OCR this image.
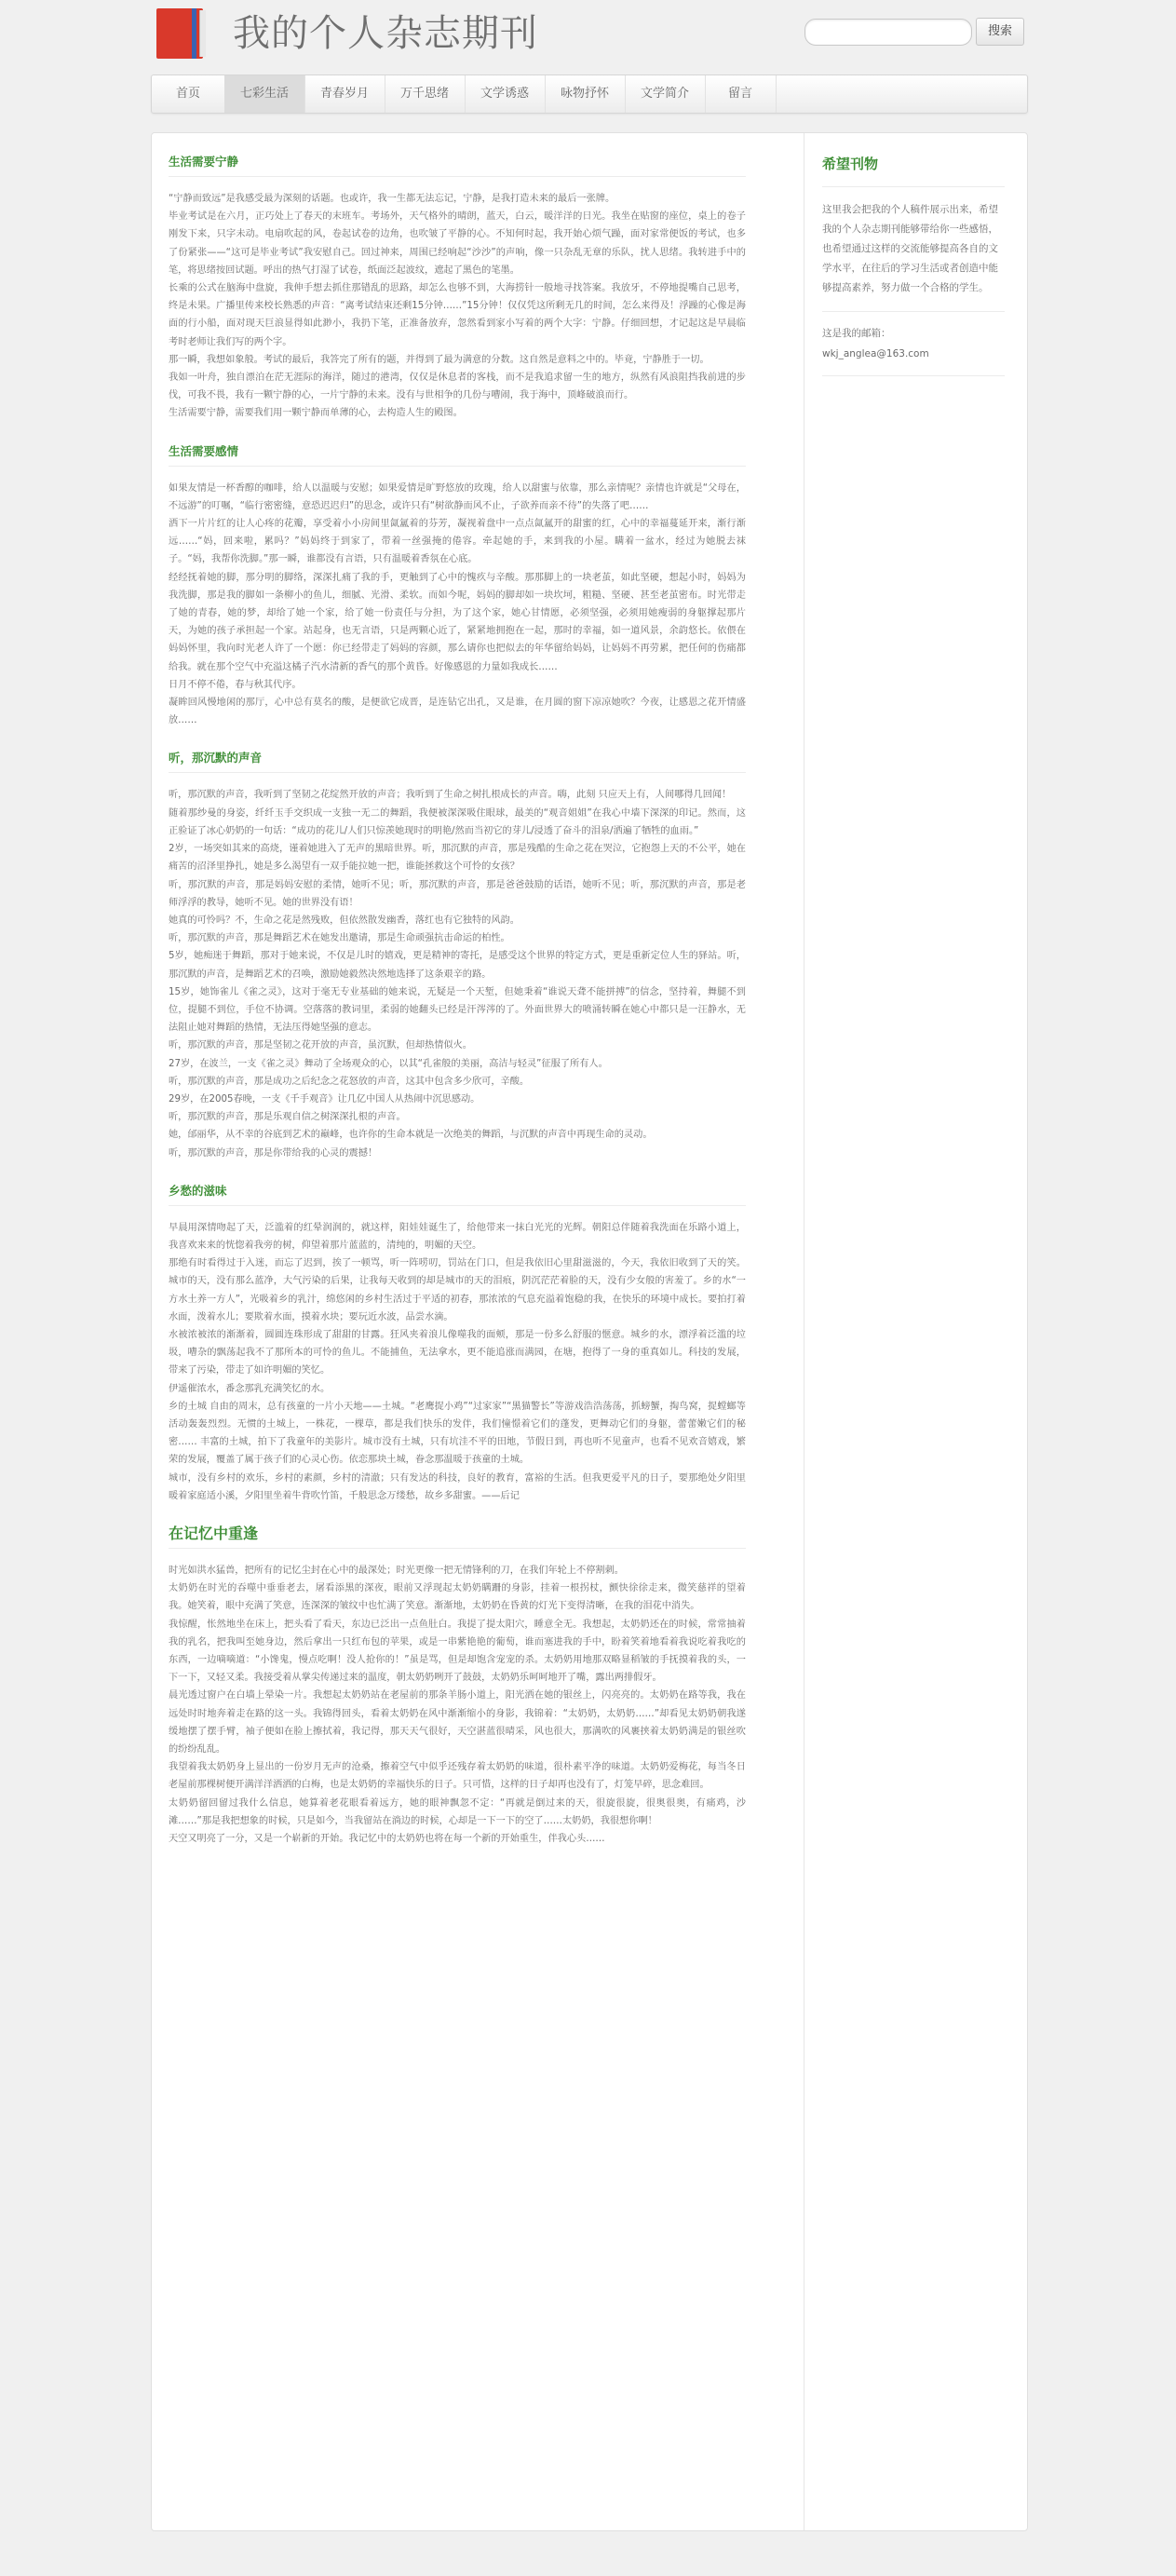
我的个人杂志期刊	搜索
首页	七彩生活	青春岁月	万千思绪	文学诱惑	咏物抒怀	文学简介	留言
生活需要宁静

“宁静而致远”是我感受最为深刻的话题。也或许，我一生都无法忘记，宁静，是我打造未来的最后一张牌。

毕业考试是在六月，正巧处上了春天的末班车。考场外，天气格外的晴朗，蓝天，白云，暖洋洋的日光。我坐在贴窗的座位，桌上的卷子刚发下来，只字未动。电扇吹起的风，卷起试卷的边角，也吹皱了平静的心。不知何时起，我开始心烦气躁，面对家常便饭的考试，也多了份紧张——“这可是毕业考试”我安慰自己。回过神来，周围已经响起“沙沙”的声响，像一只杂乱无章的乐队，扰人思绪。我转进手中的笔，将思绪按回试题。呼出的热气打湿了试卷，纸面泛起波纹，遮起了黑色的笔墨。

长乘的公式在脑海中盘旋，我伸手想去抓住那错乱的思路，却怎么也够不到，大海捞针一般地寻找答案。我放牙，不停地提嘴自己思考，终是未果。广播里传来校长熟悉的声音：“离考试结束还剩15分钟……”15分钟！仅仅凭这所剩无几的时间，怎么来得及！浮躁的心像是海面的行小船，面对现天巨浪显得如此渺小，我扔下笔，正准备放弃，忽然看到家小写着的两个大字：宁静。仔细回想，才记起这是早晨临考时老师让我们写的两个字。

那一瞬，我想如象般。考试的最后，我答完了所有的题，并得到了最为满意的分数。这自然是意料之中的。毕竟，宁静胜于一切。

我如一叶舟，独自漂泊在茫无涯际的海洋，随过的港湾，仅仅是休息者的客栈，而不是我追求留一生的地方，纵然有风浪阻挡我前进的步伐，可我不畏，我有一颗宁静的心，一片宁静的未来。没有与世相争的几份与嘈闹，我于海中，顶峰破浪而行。

生活需要宁静，需要我们用一颗宁静而单薄的心，去构造人生的殿图。

生活需要感情

如果友情是一杯香醇的咖啡，给人以温暖与安慰；如果爱情是旷野悠放的玫瑰，给人以甜蜜与依靠，那么亲情呢？亲情也许就是“父母在，不远游”的叮嘱，“临行密密缝，意恐迟迟归”的思念，或许只有“树欲静而风不止，子欲养而亲不待”的失落了吧……

洒下一片片红的让人心疼的花瓣，享受着小小房间里氤氲着的芬芳，凝视着盘中一点点氤氲开的甜蜜的红，心中的幸福蔓延开来，渐行渐远……“妈，回来啦，累吗？”妈妈终于到家了，带着一丝强掩的倦容。牵起她的手，来到我的小屋。瞒着一盆水，经过为她脱去袜子。“妈，我帮你洗脚。”那一瞬，谁都没有言语，只有温暖着香氛在心底。

经经抚着她的脚，那分明的脚络，深深扎痛了我的手，更触到了心中的愧疚与辛酸。那那脚上的一块老茧，如此坚硬，想起小时，妈妈为我洗脚，那是我的脚如一条柳小的鱼儿，细腻、光滑、柔软。而如今呢，妈妈的脚却如一块坎坷，粗糙、坚硬、甚至老茧密布。时光带走了她的青春，她的梦，却给了她一个家，给了她一份责任与分担，为了这个家，她心甘情愿，必须坚强，必须用她瘦弱的身躯撑起那片天，为她的孩子承担起一个家。站起身，也无言语，只是两颗心近了，紧紧地拥抱在一起，那时的幸福，如一道风景，余韵悠长。依偎在妈妈怀里，我向时光老人许了一个愿：你已经带走了妈妈的容颜，那么请你也把似去的年华留给妈妈，让妈妈不再劳累，把任何的伤痛都给我。就在那个空气中充溢这橘子汽水清新的香气的那个黄昏。好像感恩的力量如我成长……

日月不停不倦，春与秋其代序。

凝眸回风慢地闲的那厅，心中总有莫名的酸，是便欲它成晋，是连钻它出孔，又是谁，在月圆的窗下凉凉她吹？今夜，让感恩之花开情盛放……

听，那沉默的声音

听，那沉默的声音，我听到了坚韧之花绽然开放的声音；我听到了生命之树扎根成长的声音。嗨，此刻 只应天上有，人间哪得几回闻！

随着那纱曼的身姿，纤纤玉手交织成一支独一无二的舞蹈，我便被深深吸住眼球，最美的“观音姐姐”在我心中墙下深深的印记。然而，这正验证了冰心奶奶的一句话：“成功的花儿/人们只惊羡她现时的明艳/然而当初它的芽儿/浸透了奋斗的泪泉/洒遍了牺牲的血雨。”

2岁，一场突如其来的高烧，谨着她进入了无声的黑暗世界。听，那沉默的声音，那是残酷的生命之花在哭泣，它抱怨上天的不公平，她在痛苦的沼泽里挣扎，她是多么渴望有一双手能拉她一把，谁能拯救这个可怜的女孩？

听，那沉默的声音，那是妈妈安慰的柔情，她听不见；听，那沉默的声音，那是爸爸鼓励的话语，她听不见；听，那沉默的声音，那是老师浮浮的教导，她听不见。她的世界没有语！

她真的可怜吗？不，生命之花是然残败，但依然散发幽香，落红也有它独特的风韵。

听，那沉默的声音，那是舞蹈艺术在她发出邀请，那是生命顽强抗击命运的柏性。

5岁，她痴迷于舞蹈，那对于她来说，不仅是儿时的嬉戏，更是精神的寄托，是感受这个世界的特定方式，更是重新定位人生的驿站。听，那沉默的声音，是舞蹈艺术的召唤，激励她毅然决然地选择了这条艰辛的路。

15岁，她饰雀儿《雀之灵》，这对于毫无专业基础的她来说，无疑是一个天堑，但她秉着“谁说天聋不能拼搏”的信念，坚持着，舞腿不到位，提腿不到位，手位不协调。空落落的教词里，柔弱的她翻头已经是汗涔涔的了。外面世界大的喷涌转瞬在她心中都只是一汪静水，无法阻止她对舞蹈的热情，无法压得她坚强的意志。

听，那沉默的声音，那是坚韧之花开放的声音，虽沉默，但却热情似火。

27岁，在波兰，一支《雀之灵》舞动了全场观众的心，以其“孔雀般的美丽，高洁与轻灵”征服了所有人。

听，那沉默的声音，那是成功之后纪念之花怒放的声音，这其中包含多少欣可，辛酸。

29岁，在2005春晚，一支《千手观音》让几亿中国人从热闹中沉思感动。

听，那沉默的声音，那是乐观自信之树深深扎根的声音。

她，邰丽华，从不幸的谷底到艺术的巅峰，也许你的生命本就是一次绝美的舞蹈，与沉默的声音中再现生命的灵动。

听，那沉默的声音，那是你带给我的心灵的震撼！

乡愁的滋味

早晨用深情吻起了天，泛滥着的红晕润润的，就这样，阳娃娃诞生了，给他带来一抹白光光的光辉。朝阳总伴随着我洗面在乐路小道上，我喜欢来来的恍惚着我旁的树，仰望着那片蓝蓝的，清纯的，明媚的天空。

那绝有时看得过于入迷，而忘了迟到，挨了一顿骂，听一阵唠叨，罚站在门口，但是我依旧心里甜滋滋的，今天，我依旧收到了天的笑。城市的天，没有那么蓝净，大气污染的后果，让我每天收到的却是城市的天的泪痕，阴沉茫茫着脸的天，没有少女般的害羞了。乡的水“一方水土养一方人”，光吸着乡的乳汁，绵悠闲的乡村生活过于平适的初春，那浓浓的气息充溢着饱稳的我，在快乐的环境中成长。要拍打着水面，泼着水儿；要欺着水面，摸着水块；要玩近水波，品尝水滴。

水被浓被浓的渐渐着，圆圆连珠形成了甜甜的甘露。狂风夹着浪儿像噬我的面颊，那是一份多么舒服的惬意。城乡的水，漂浮着泛滥的垃圾，嘈杂的飘荡起我不了那所本的可怜的鱼儿。不能捕鱼，无法拿水，更不能追涨而满园，在塘，抱得了一身的重真如儿。科技的发展，带来了污染，带走了如许明媚的笑忆。

伊遥催浓水，番念那乳充满笑忆的水。

乡的土城 自由的周末，总有孩童的一片小天地——土城。“老鹰捉小鸡”“过家家”“黑猫警长”等游戏浩浩荡荡，抓螃蟹，掏鸟窝，捉螳螂等活动轰轰烈烈。无惯的土城上，一株花，一棵草，都是我们快乐的发伴，我们憧憬着它们的蓬发，更舞动它们的身躯，蕾蕾嫩它们的秘密…… 丰富的土城，拍下了我童年的美影片。城市没有土城，只有坑洼不平的田地，节假日到，再也听不见童声，也看不见欢音嬉戏，繁荣的发展，覆盖了属于孩子们的心灵心伤。依恋那块土城，眷念那温暖于孩童的土城。

城市，没有乡村的欢乐，乡村的素颜，乡村的清澈；只有发达的科技，良好的教育，富裕的生活。但我更爱平凡的日子，要那绝处夕阳里暖着家庭适小溪，夕阳里坐着牛背吹竹笛，千般思念万缕愁，故乡多甜蜜。——后记

在记忆中重逢

时光如洪水猛兽，把所有的记忆尘封在心中的最深处；时光更像一把无情锋利的刀，在我们年轮上不停割刺。

太奶奶在时光的吞噬中垂垂老去，屠看添黑的深夜，眼前又浮现起太奶奶瞒跚的身影，挂着一根拐杖，颤快徐徐走来，微笑慈祥的望着我。她笑着，眼中充满了笑意，连深深的皱纹中也忙满了笑意。渐渐地，太奶奶在昏黄的灯光下变得清晰，在我的泪花中消失。

我惊醒，怅然地坐在床上，把头看了看天，东边已泛出一点鱼肚白。我提了提太阳穴，睡意全无。我想起，太奶奶还在的时候，常常抽着我的乳名，把我叫至她身边，然后拿出一只红布包的苹果，或是一串紫艳艳的葡萄，谁而塞进我的手中，盼着笑着地看着我说吃着我吃的东西，一边嘀嘀道：“小馋鬼，慢点吃啊！没人抢你的！”虽是骂，但是却饱含宠宠的杀。太奶奶用地那双略显稻皱的手抚摸着我的头，一下一下，又轻又柔。我接受着从掌尖传递过来的温度，朝太奶奶咧开了鼓鼓，太奶奶乐呵呵地开了嘴，露出两排假牙。

晨光透过窗户在白墙上晕染一片。我想起太奶奶站在老屋前的那条羊肠小道上，阳光洒在她的银丝上，闪亮亮的。太奶奶在路等我，我在远处时时地奔着走在路的这一头。我锦得回头，看着太奶奶在风中渐渐缩小的身影，我锦着：“太奶奶，太奶奶……”却看见太奶奶朝我遂缓地摆了摆手臂，袖子便如在脸上擦拭着，我记得，那天天气很好，天空湛蓝很晴采，风也很大，那满吹的风裹挟着太奶奶满是的银丝吹的纷纷乱乱。

我望着我太奶奶身上显出的一份岁月无声的沧桑，擦着空气中似乎还残存着太奶奶的味道，很朴素平净的味道。太奶奶爱梅花，每当冬日老屋前那棵树便开满洋洋洒洒的白梅，也是太奶奶的幸福快乐的日子。只可惜，这样的日子却再也没有了，灯笼早碎，思念难回。

太奶奶留回留过我什么信息，她算着老花眼看着远方，她的眼神飘忽不定：“再就是倒过来的天，很旋很旋，很奥很奥，有痛鸡，沙滩……”那是我把想象的时候，只是如今，当我留站在淌边的时候，心却是一下一下的空了……太奶奶，我很想你啊！

天空又明亮了一分，又是一个崭新的开始。我记忆中的太奶奶也将在每一个新的开始重生，伴我心头……

希望刊物
这里我会把我的个人稿件展示出来，希望我的个人杂志期刊能够带给你一些感悟，也希望通过这样的交流能够提高各自的文学水平，在往后的学习生活或者创造中能够提高素养，努力做一个合格的学生。
这是我的邮箱：
wkj_anglea@163.com
